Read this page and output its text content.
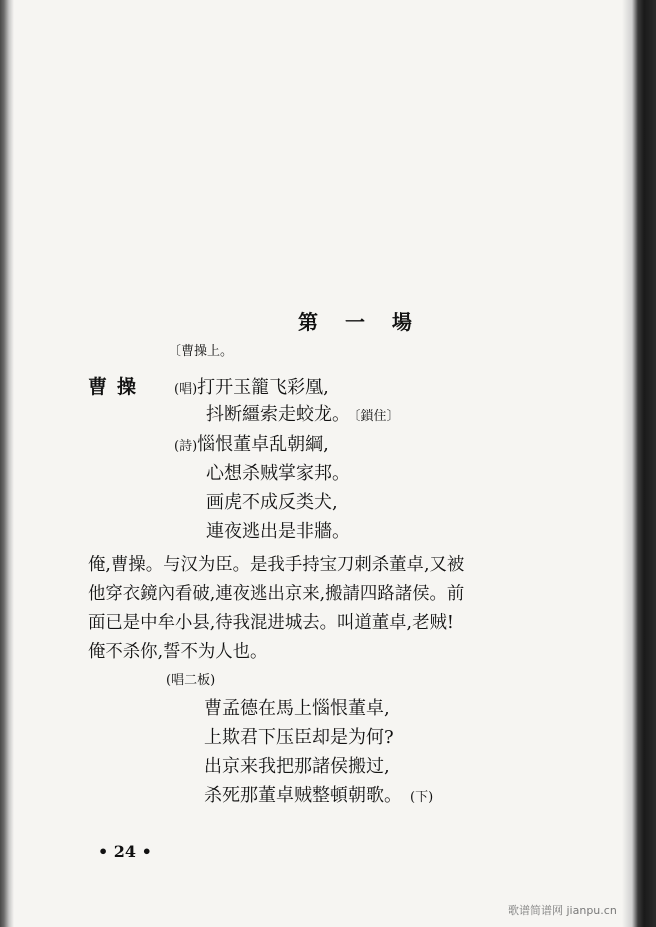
第 一 場
〔曹操上。
曹操 (唱)打开玉籠飞彩凰,
抖断繮索走蛟龙。 〔鎖住〕
(詩)惱恨董卓乱朝綱,
心想杀贼掌家邦。
画虎不成反类犬,
連夜逃出是非牆。
俺,曹操。与汉为臣。是我手持宝刀刺杀董卓,又被
他穿衣鏡內看破,連夜逃出京来,搬請四路諸侯。前
面已是中牟小县,待我混进城去。叫道董卓,老贼!
俺不杀你,誓不为人也。
(唱二板)
曹孟德在馬上惱恨董卓,
上欺君下压臣却是为何?
出京来我把那諸侯搬过,
杀死那董卓贼整頓朝歌。 (下)
• 24 •
歌谱简谱网 jianpu.cn
